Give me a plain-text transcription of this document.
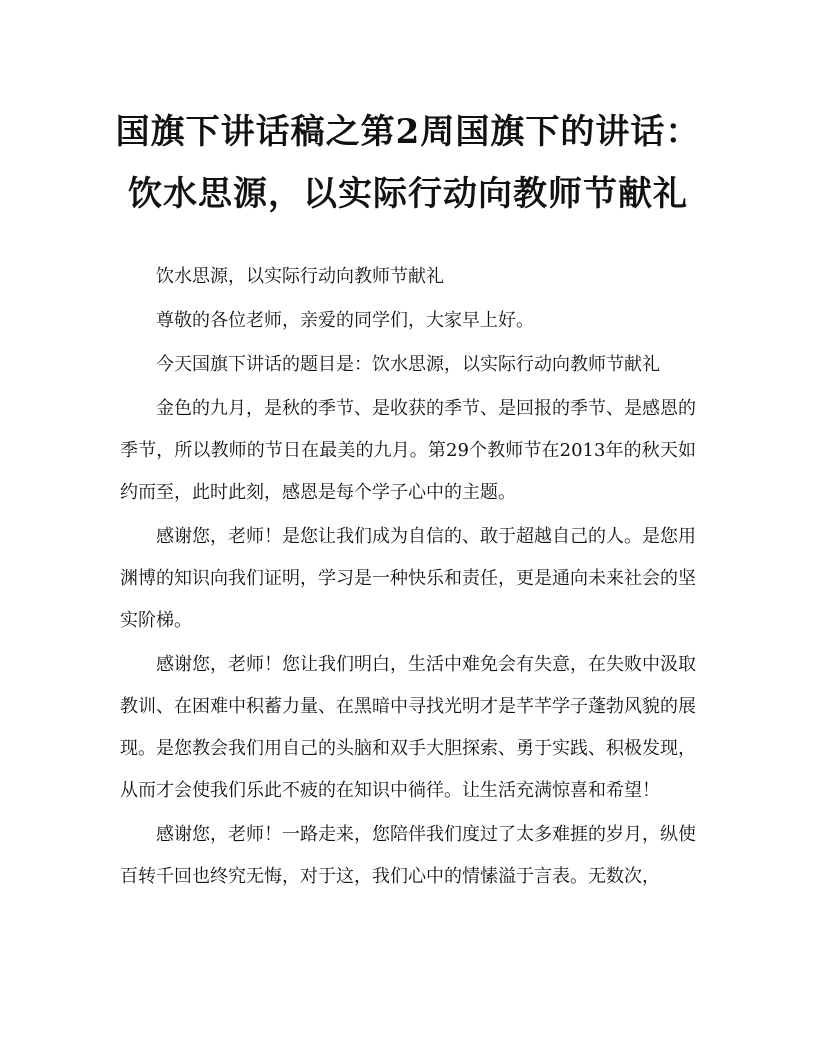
国旗下讲话稿之第2周国旗下的讲话：
饮水思源，以实际行动向教师节献礼

饮水思源，以实际行动向教师节献礼

尊敬的各位老师，亲爱的同学们，大家早上好。

今天国旗下讲话的题目是：饮水思源，以实际行动向教师节献礼

金色的九月，是秋的季节、是收获的季节、是回报的季节、是感恩的季节，所以教师的节日在最美的九月。第29个教师节在2013年的秋天如约而至，此时此刻，感恩是每个学子心中的主题。

感谢您，老师！是您让我们成为自信的、敢于超越自己的人。是您用渊博的知识向我们证明，学习是一种快乐和责任，更是通向未来社会的坚实阶梯。

感谢您，老师！您让我们明白，生活中难免会有失意，在失败中汲取教训、在困难中积蓄力量、在黑暗中寻找光明才是芊芊学子蓬勃风貌的展现。是您教会我们用自己的头脑和双手大胆探索、勇于实践、积极发现，从而才会使我们乐此不疲的在知识中徜徉。让生活充满惊喜和希望！

感谢您，老师！一路走来，您陪伴我们度过了太多难捱的岁月，纵使百转千回也终究无悔，对于这，我们心中的情愫溢于言表。无数次，
